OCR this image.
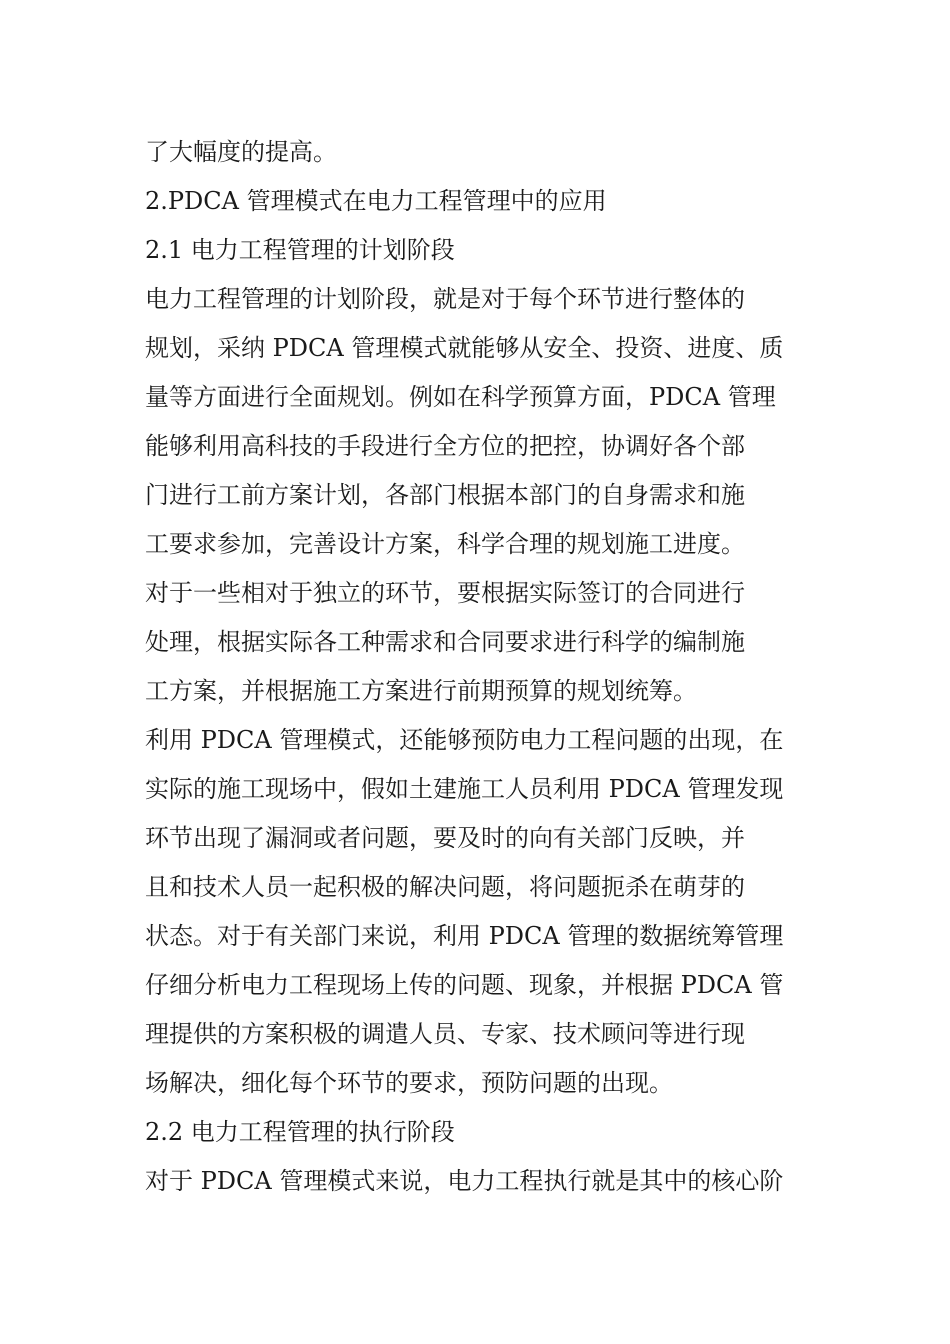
了大幅度的提高。
2.PDCA 管理模式在电力工程管理中的应用
2.1 电力工程管理的计划阶段
电力工程管理的计划阶段，就是对于每个环节进行整体的
规划，采纳 PDCA 管理模式就能够从安全、投资、进度、质
量等方面进行全面规划。例如在科学预算方面，PDCA 管理
能够利用高科技的手段进行全方位的把控，协调好各个部
门进行工前方案计划，各部门根据本部门的自身需求和施
工要求参加，完善设计方案，科学合理的规划施工进度。
对于一些相对于独立的环节，要根据实际签订的合同进行
处理，根据实际各工种需求和合同要求进行科学的编制施
工方案，并根据施工方案进行前期预算的规划统筹。
利用 PDCA 管理模式，还能够预防电力工程问题的出现，在
实际的施工现场中，假如土建施工人员利用 PDCA 管理发现
环节出现了漏洞或者问题，要及时的向有关部门反映，并
且和技术人员一起积极的解决问题，将问题扼杀在萌芽的
状态。对于有关部门来说，利用 PDCA 管理的数据统筹管理
仔细分析电力工程现场上传的问题、现象，并根据 PDCA 管
理提供的方案积极的调遣人员、专家、技术顾问等进行现
场解决，细化每个环节的要求，预防问题的出现。
2.2 电力工程管理的执行阶段
对于 PDCA 管理模式来说，电力工程执行就是其中的核心阶
